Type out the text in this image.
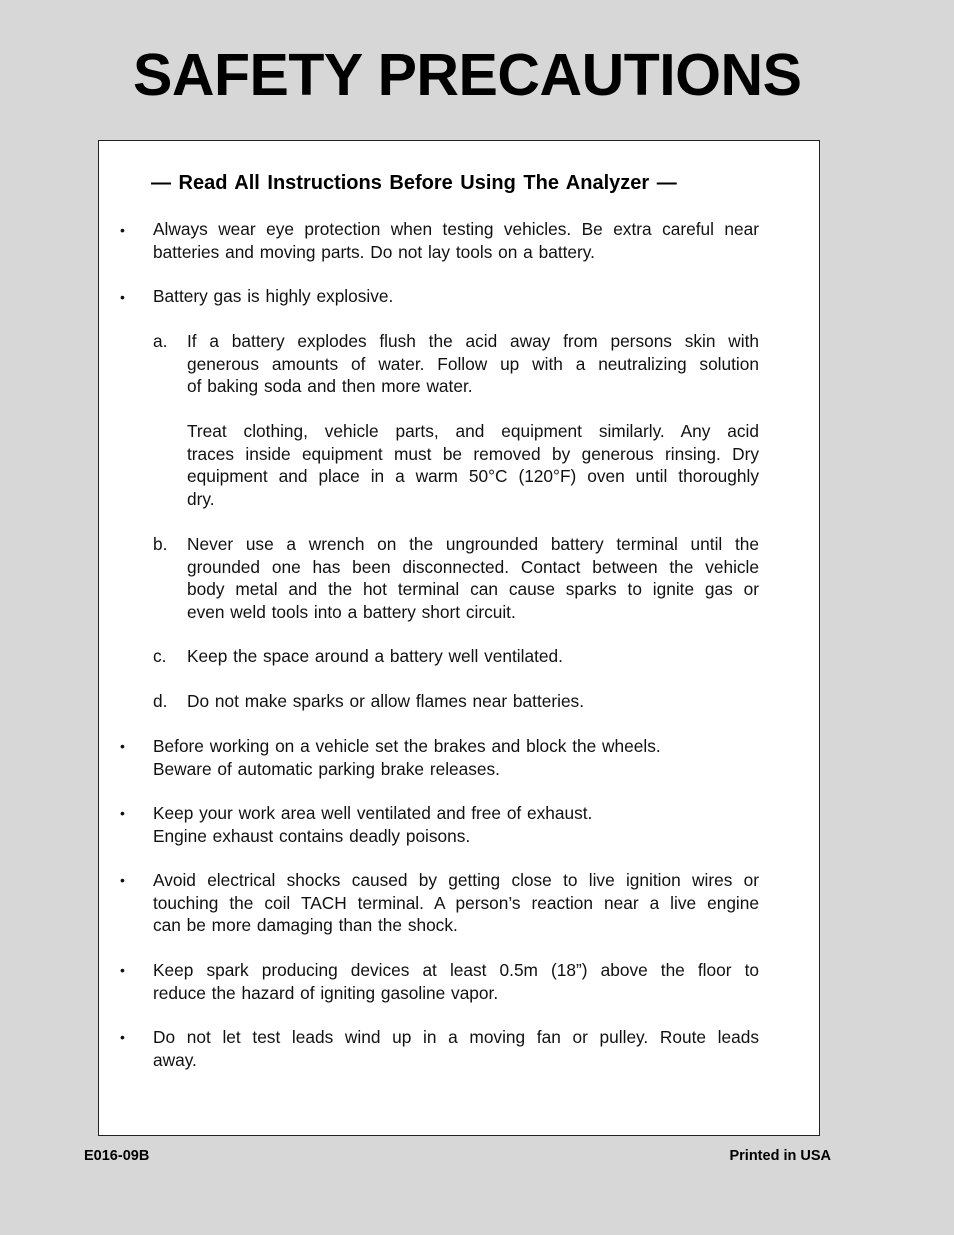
SAFETY PRECAUTIONS
— Read All Instructions Before Using The Analyzer —
• Always wear eye protection when testing vehicles. Be extra careful near
batteries and moving parts. Do not lay tools on a battery.
• Battery gas is highly explosive.
a. If a battery explodes flush the acid away from persons skin with
generous amounts of water. Follow up with a neutralizing solution
of baking soda and then more water.
Treat clothing, vehicle parts, and equipment similarly. Any acid
traces inside equipment must be removed by generous rinsing. Dry
equipment and place in a warm 50°C (120°F) oven until thoroughly
dry.
b. Never use a wrench on the ungrounded battery terminal until the
grounded one has been disconnected. Contact between the vehicle
body metal and the hot terminal can cause sparks to ignite gas or
even weld tools into a battery short circuit.
c. Keep the space around a battery well ventilated.
d. Do not make sparks or allow flames near batteries.
• Before working on a vehicle set the brakes and block the wheels.
Beware of automatic parking brake releases.
• Keep your work area well ventilated and free of exhaust.
Engine exhaust contains deadly poisons.
• Avoid electrical shocks caused by getting close to live ignition wires or
touching the coil TACH terminal. A person’s reaction near a live engine
can be more damaging than the shock.
• Keep spark producing devices at least 0.5m (18”) above the floor to
reduce the hazard of igniting gasoline vapor.
• Do not let test leads wind up in a moving fan or pulley. Route leads
away.
E016-09B	Printed in USA
